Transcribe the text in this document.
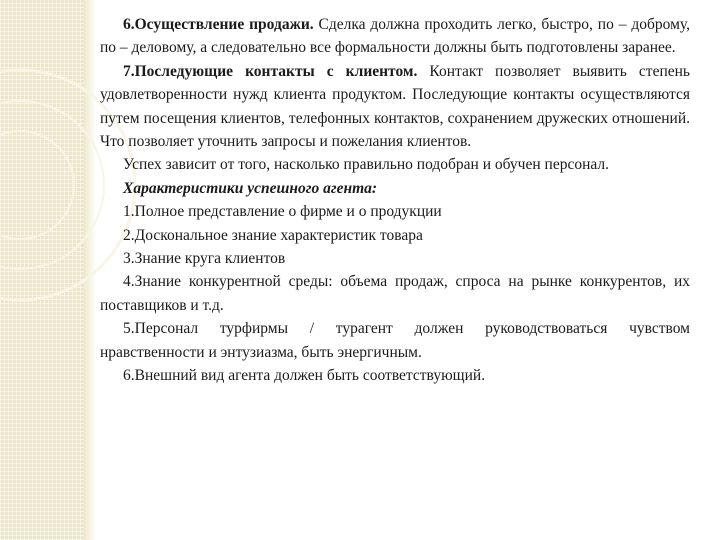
6.Осуществление продажи. Сделка должна проходить легко, быстро, по – доброму, по – деловому, а следовательно все формальности должны быть подготовлены заранее.

7.Последующие контакты с клиентом. Контакт позволяет выявить степень удовлетворенности нужд клиента продуктом. Последующие контакты осуществляются путем посещения клиентов, телефонных контактов, сохранением дружеских отношений. Что позволяет уточнить запросы и пожелания клиентов.

Успех зависит от того, насколько правильно подобран и обучен персонал.

Характеристики успешного агента:

1.Полное представление о фирме и о продукции

2.Доскональное знание характеристик товара

3.Знание круга клиентов

4.Знание конкурентной среды: объема продаж, спроса на рынке конкурентов, их поставщиков и т.д.

5.Персонал турфирмы / турагент должен руководствоваться чувством нравственности и энтузиазма, быть энергичным.

6.Внешний вид агента должен быть соответствующий.
